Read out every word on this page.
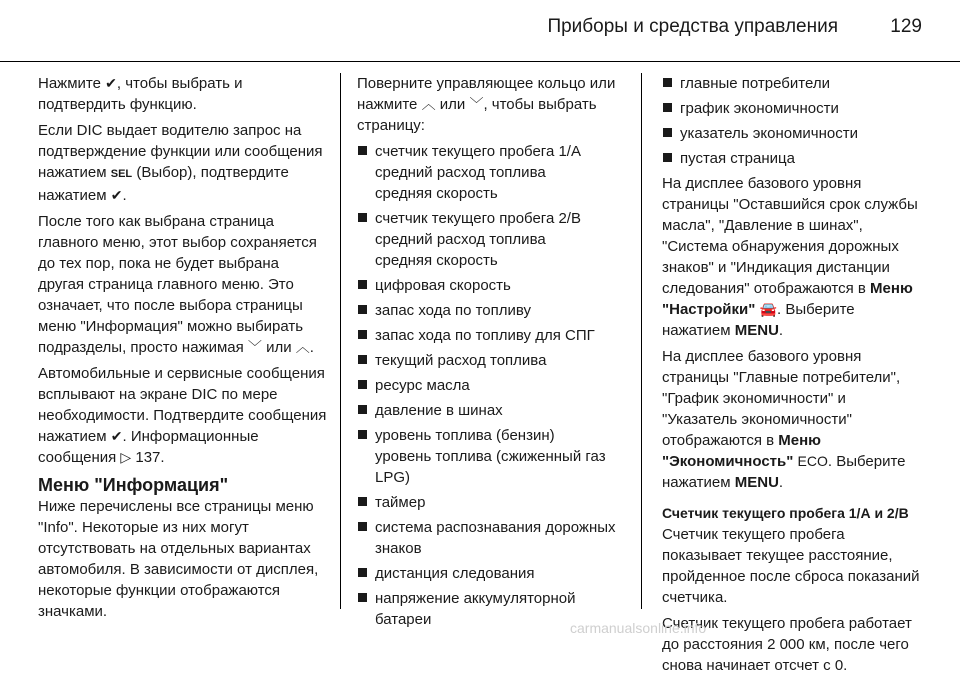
Приборы и средства управления	129

Нажмите ✔, чтобы выбрать и подтвердить функцию.

Если DIC выдает водителю запрос на подтверждение функции или сообщения нажатием SEL (Выбор), подтвердите нажатием ✔.

После того как выбрана страница главного меню, этот выбор сохраняется до тех пор, пока не будет выбрана другая страница главного меню. Это означает, что после выбора страницы меню "Информация" можно выбирать подразделы, просто нажимая ﹀ или ︿.

Автомобильные и сервисные сообщения всплывают на экране DIC по мере необходимости. Подтвердите сообщения нажатием ✔. Информационные сообщения ▷ 137.

Меню "Информация"

Ниже перечислены все страницы меню "Info". Некоторые из них могут отсутствовать на отдельных вариантах автомобиля. В зависимости от дисплея, некоторые функции отображаются значками.

Поверните управляющее кольцо или нажмите ︿ или ﹀, чтобы выбрать страницу:

счетчик текущего пробега 1/А
средний расход топлива
средняя скорость
счетчик текущего пробега 2/В
средний расход топлива
средняя скорость
цифровая скорость
запас хода по топливу
запас хода по топливу для СПГ
текущий расход топлива
ресурс масла
давление в шинах
уровень топлива (бензин)
уровень топлива (сжиженный газ LPG)
таймер
система распознавания дорожных знаков
дистанция следования
напряжение аккумуляторной батареи
главные потребители
график экономичности
указатель экономичности
пустая страница

На дисплее базового уровня страницы "Оставшийся срок службы масла", "Давление в шинах", "Система обнаружения дорожных знаков" и "Индикация дистанции следования" отображаются в Меню "Настройки" 🚘. Выберите нажатием MENU.

На дисплее базового уровня страницы "Главные потребители", "График экономичности" и "Указатель экономичности" отображаются в Меню "Экономичность" ECO. Выберите нажатием MENU.

Счетчик текущего пробега 1/А и 2/В

Счетчик текущего пробега показывает текущее расстояние, пройденное после сброса показаний счетчика.

Счетчик текущего пробега работает до расстояния 2 000 км, после чего снова начинает отсчет с 0.

carmanualsonline.info
